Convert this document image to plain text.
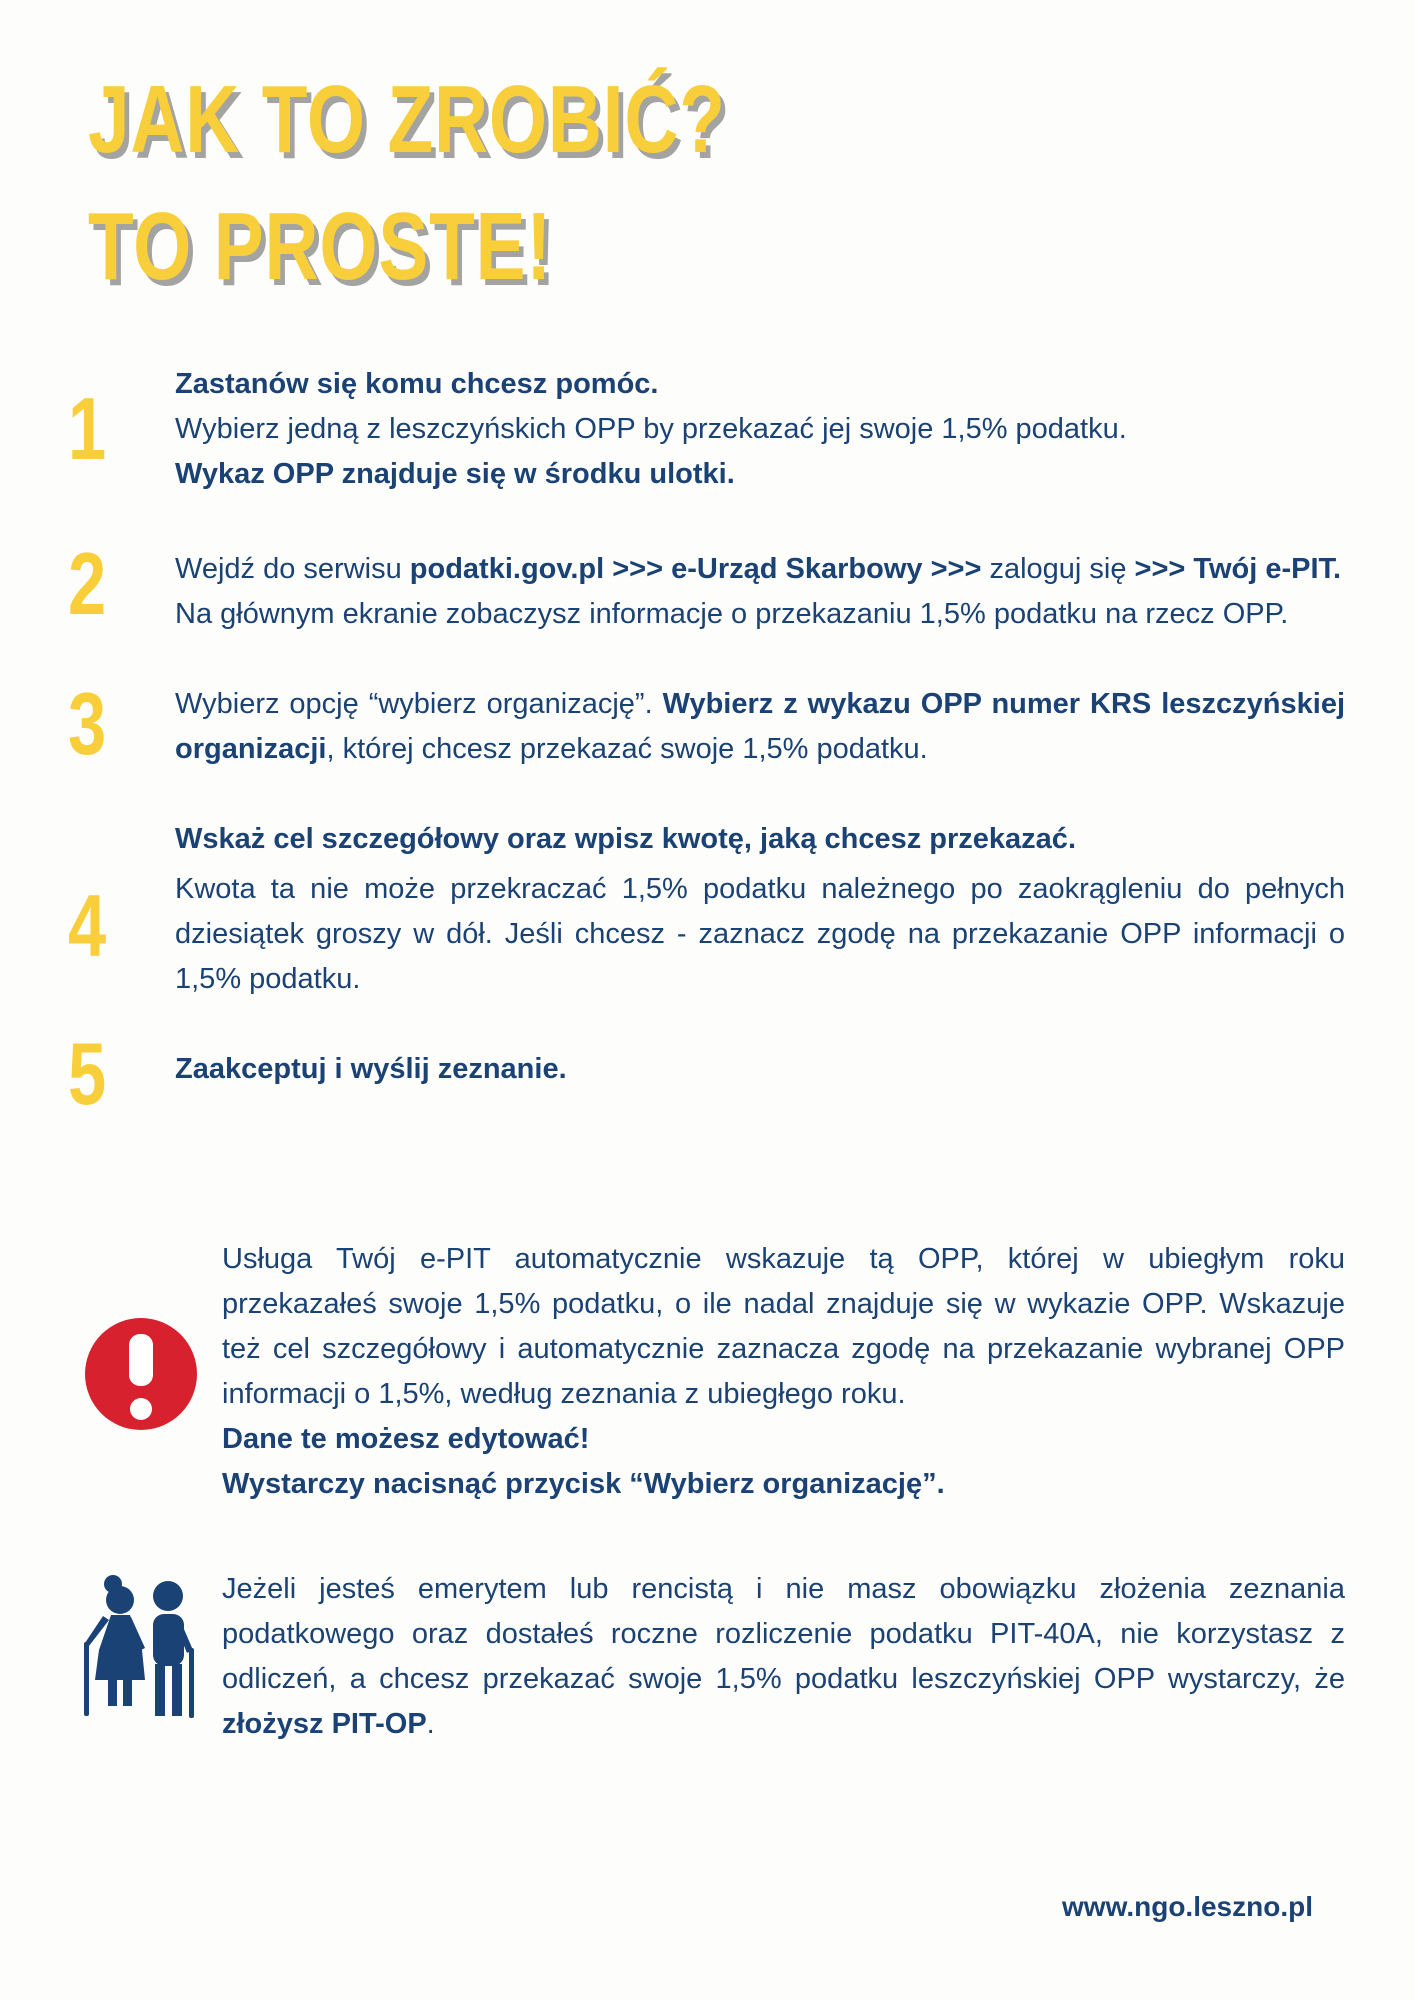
JAK TO ZROBIĆ?
TO PROSTE!
1	Zastanów się komu chcesz pomóc.
Wybierz jedną z leszczyńskich OPP by przekazać jej swoje 1,5% podatku.
Wykaz OPP znajduje się w środku ulotki.
2	Wejdź do serwisu podatki.gov.pl >>> e-Urząd Skarbowy >>> zaloguj się >>> Twój e-PIT.
Na głównym ekranie zobaczysz informacje o przekazaniu 1,5% podatku na rzecz OPP.
3	Wybierz opcję “wybierz organizację”. Wybierz z wykazu OPP numer KRS leszczyńskiej organizacji, której chcesz przekazać swoje 1,5% podatku.

4
Wskaż cel szczegółowy oraz wpisz kwotę, jaką chcesz przekazać.

Kwota ta nie może przekraczać 1,5% podatku należnego po zaokrągleniu do pełnych dziesiątek groszy w dół. Jeśli chcesz - zaznacz zgodę na przekazanie OPP informacji o 1,5% podatku.

5	Zaakceptuj i wyślij zeznanie.

Usługa Twój e-PIT automatycznie wskazuje tą OPP, której w ubiegłym roku przekazałeś swoje 1,5% podatku, o ile nadal znajduje się w wykazie OPP. Wskazuje też cel szczegółowy i automatycznie zaznacza zgodę na przekazanie wybranej OPP informacji o 1,5%, według zeznania z ubiegłego roku.

Dane te możesz edytować!
Wystarczy nacisnąć przycisk “Wybierz organizację”.

Jeżeli jesteś emerytem lub rencistą i nie masz obowiązku złożenia zeznania podatkowego oraz dostałeś roczne rozliczenie podatku PIT-40A, nie korzystasz z odliczeń, a chcesz przekazać swoje 1,5% podatku leszczyńskiej OPP wystarczy, że złożysz PIT-OP.

www.ngo.leszno.pl
